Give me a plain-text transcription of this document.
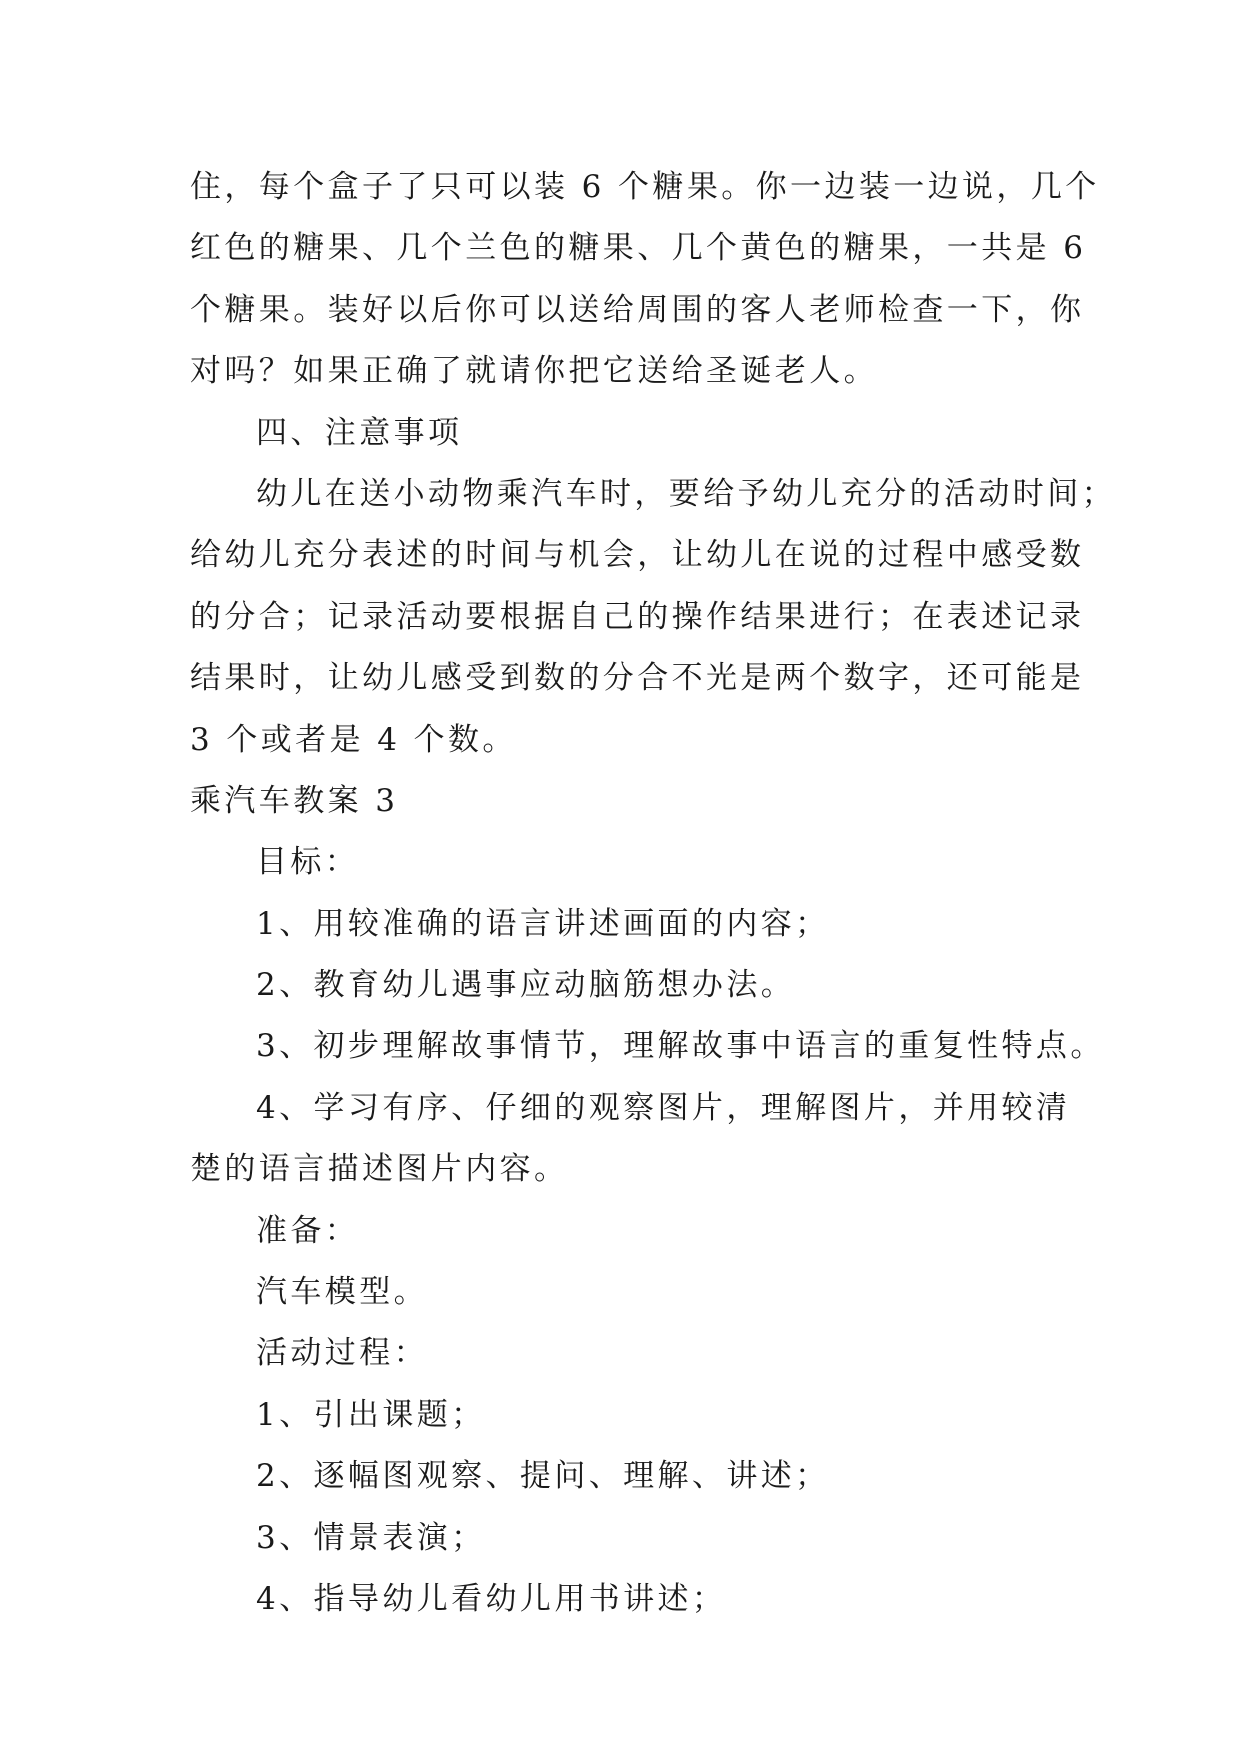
住，每个盒子了只可以装 6 个糖果。你一边装一边说，几个

红色的糖果、几个兰色的糖果、几个黄色的糖果，一共是 6

个糖果。装好以后你可以送给周围的客人老师检查一下，你

对吗？如果正确了就请你把它送给圣诞老人。

四、注意事项

幼儿在送小动物乘汽车时，要给予幼儿充分的活动时间；

给幼儿充分表述的时间与机会，让幼儿在说的过程中感受数

的分合；记录活动要根据自己的操作结果进行；在表述记录

结果时，让幼儿感受到数的分合不光是两个数字，还可能是

3 个或者是 4 个数。

乘汽车教案 3

目标：

1、用较准确的语言讲述画面的内容；

2、教育幼儿遇事应动脑筋想办法。

3、初步理解故事情节，理解故事中语言的重复性特点。

4、学习有序、仔细的观察图片，理解图片，并用较清

楚的语言描述图片内容。

准备：

汽车模型。

活动过程：

1、引出课题；

2、逐幅图观察、提问、理解、讲述；

3、情景表演；

4、指导幼儿看幼儿用书讲述；
